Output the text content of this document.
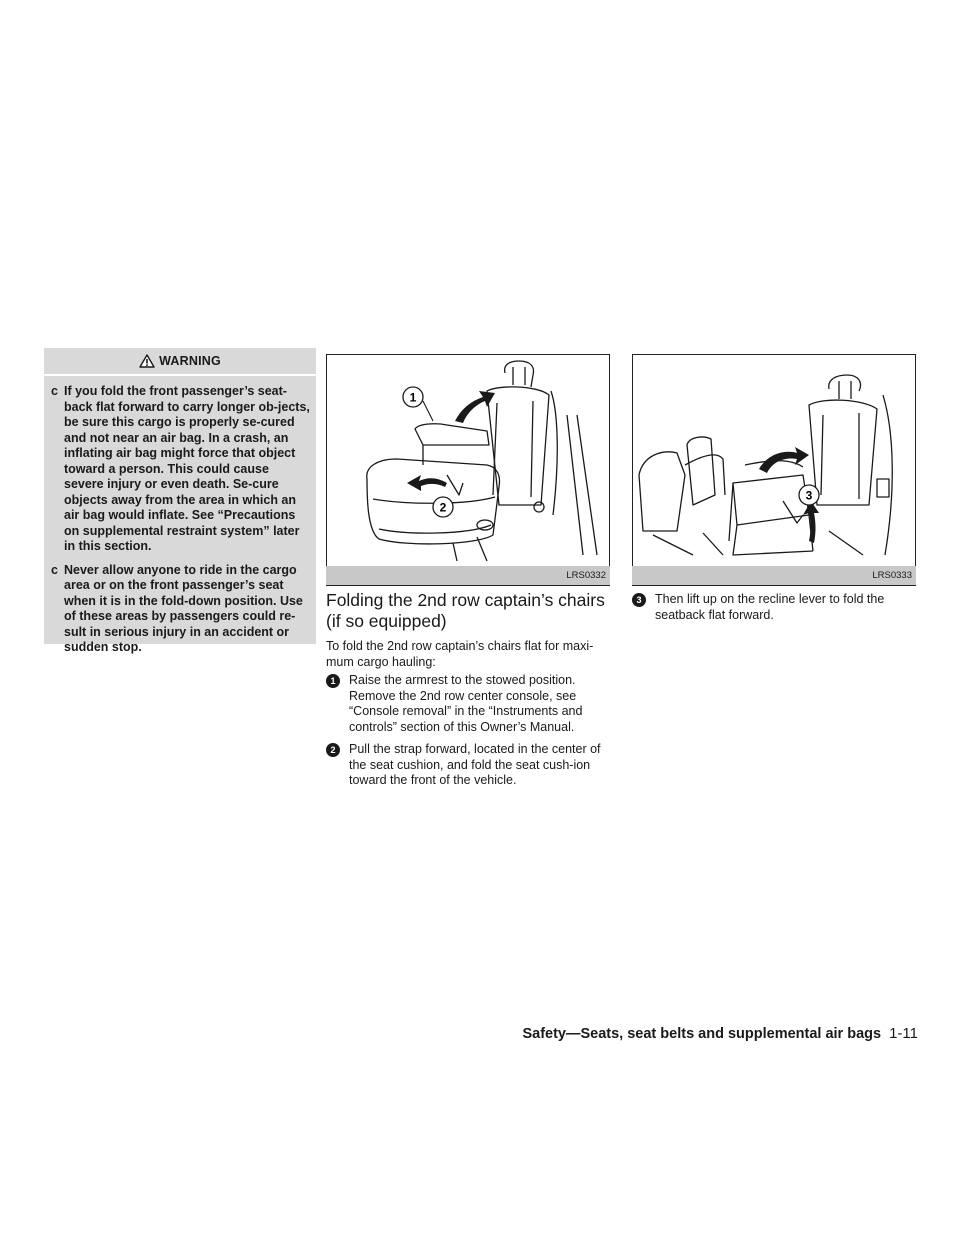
WARNING
c If you fold the front passenger’s seat-back flat forward to carry longer ob-jects, be sure this cargo is properly se-cured and not near an air bag. In a crash, an inflating air bag might force that object toward a person. This could cause severe injury or even death. Se-cure objects away from the area in which an air bag would inflate. See “Precautions on supplemental restraint system” later in this section.
c Never allow anyone to ride in the cargo area or on the front passenger’s seat when it is in the fold-down position. Use of these areas by passengers could re-sult in serious injury in an accident or sudden stop.
1
2
LRS0332
3
LRS0333
Folding the 2nd row captain’s chairs (if so equipped)
To fold the 2nd row captain’s chairs flat for maxi-mum cargo hauling:
1	Raise the armrest to the stowed position. Remove the 2nd row center console, see “Console removal” in the “Instruments and controls” section of this Owner’s Manual.
2	Pull the strap forward, located in the center of the seat cushion, and fold the seat cush-ion toward the front of the vehicle.
3	Then lift up on the recline lever to fold the seatback flat forward.
Safety—Seats, seat belts and supplemental air bags 1-11
